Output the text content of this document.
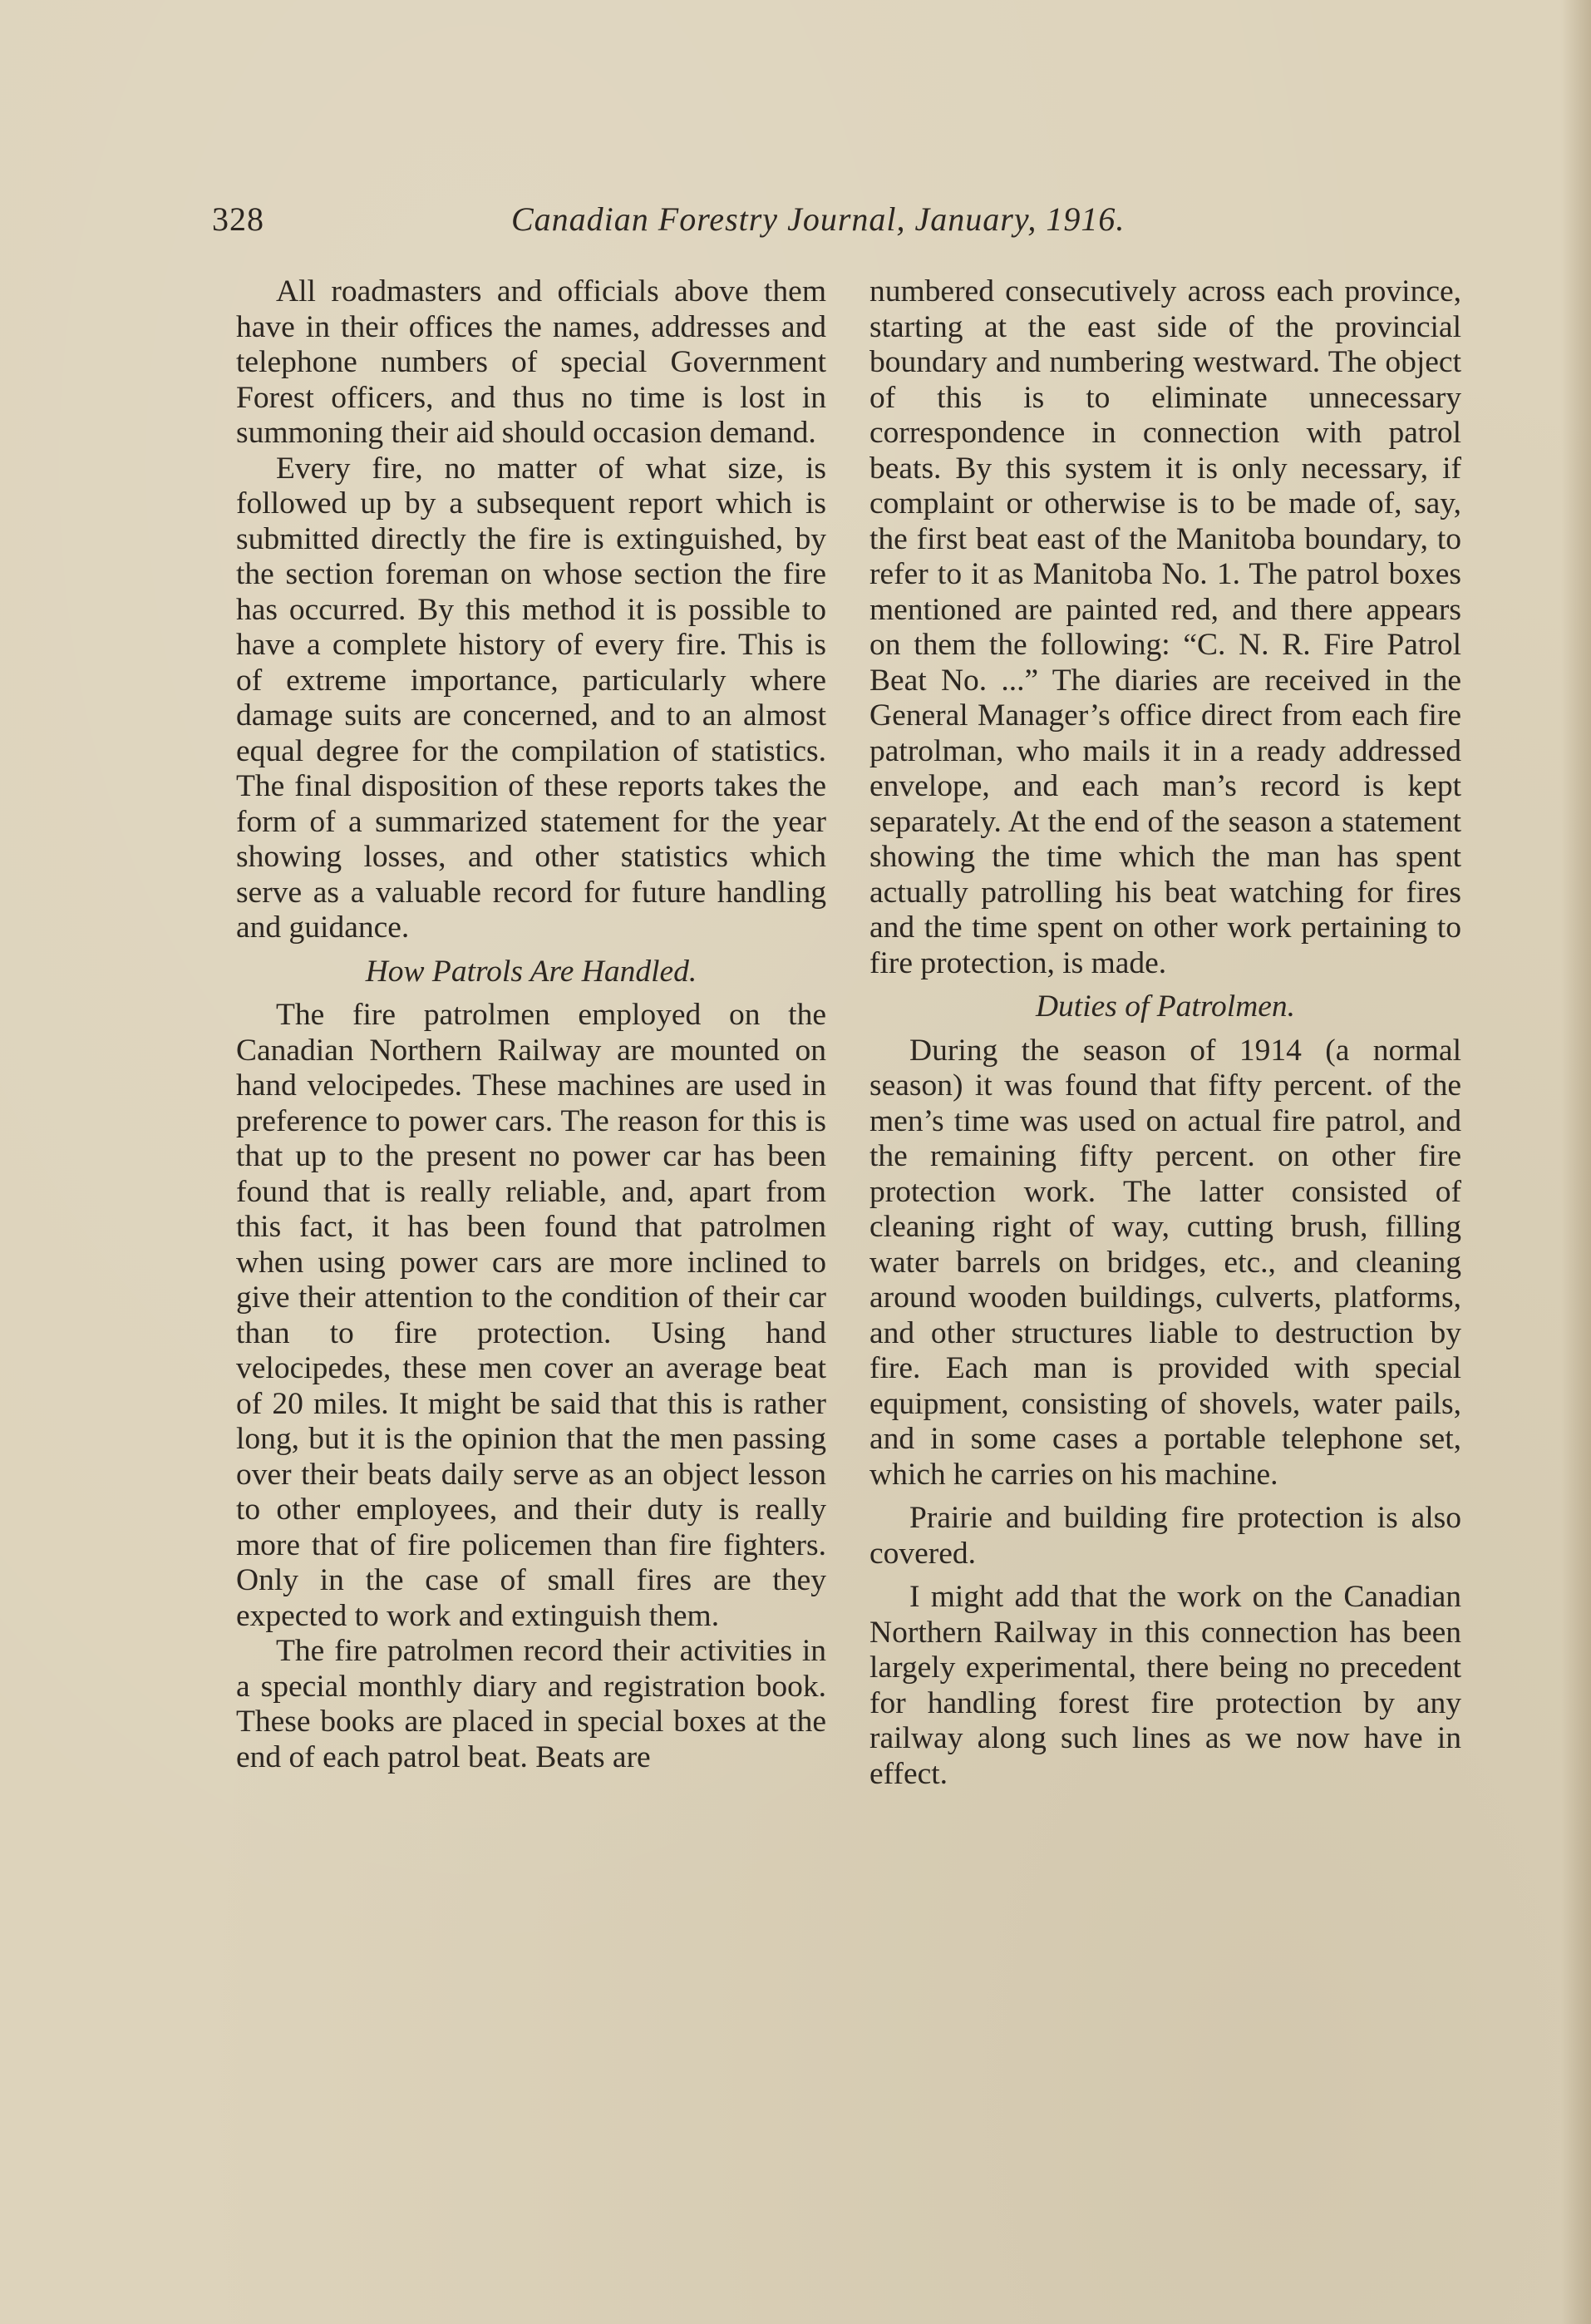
328	Canadian Forestry Journal, January, 1916.

All roadmasters and officials above them have in their offices the names, addresses and telephone numbers of special Government Forest officers, and thus no time is lost in summoning their aid should occasion demand.

Every fire, no matter of what size, is followed up by a subsequent report which is submitted directly the fire is extinguished, by the section foreman on whose section the fire has occurred. By this method it is possible to have a complete history of every fire. This is of extreme importance, particularly where damage suits are concerned, and to an almost equal degree for the compilation of statistics. The final disposition of these reports takes the form of a summarized statement for the year showing losses, and other statistics which serve as a valuable record for future handling and guidance.

How Patrols Are Handled.

The fire patrolmen employed on the Canadian Northern Railway are mounted on hand velocipedes. These machines are used in preference to power cars. The reason for this is that up to the present no power car has been found that is really reliable, and, apart from this fact, it has been found that patrolmen when using power cars are more inclined to give their attention to the condition of their car than to fire protection. Using hand velocipedes, these men cover an average beat of 20 miles. It might be said that this is rather long, but it is the opinion that the men passing over their beats daily serve as an object lesson to other employees, and their duty is really more that of fire policemen than fire fighters. Only in the case of small fires are they expected to work and extinguish them.

The fire patrolmen record their activities in a special monthly diary and registration book. These books are placed in special boxes at the end of each patrol beat. Beats are

numbered consecutively across each province, starting at the east side of the provincial boundary and numbering westward. The object of this is to eliminate unnecessary correspondence in connection with patrol beats. By this system it is only necessary, if complaint or otherwise is to be made of, say, the first beat east of the Manitoba boundary, to refer to it as Manitoba No. 1. The patrol boxes mentioned are painted red, and there appears on them the following: “C. N. R. Fire Patrol Beat No. ...” The diaries are received in the General Manager’s office direct from each fire patrolman, who mails it in a ready addressed envelope, and each man’s record is kept separately. At the end of the season a statement showing the time which the man has spent actually patrolling his beat watching for fires and the time spent on other work pertaining to fire protection, is made.

Duties of Patrolmen.

During the season of 1914 (a normal season) it was found that fifty percent. of the men’s time was used on actual fire patrol, and the remaining fifty percent. on other fire protection work. The latter consisted of cleaning right of way, cutting brush, filling water barrels on bridges, etc., and cleaning around wooden buildings, culverts, platforms, and other structures liable to destruction by fire. Each man is provided with special equipment, consisting of shovels, water pails, and in some cases a portable telephone set, which he carries on his machine.

Prairie and building fire protection is also covered.

I might add that the work on the Canadian Northern Railway in this connection has been largely experimental, there being no precedent for handling forest fire protection by any railway along such lines as we now have in effect.
